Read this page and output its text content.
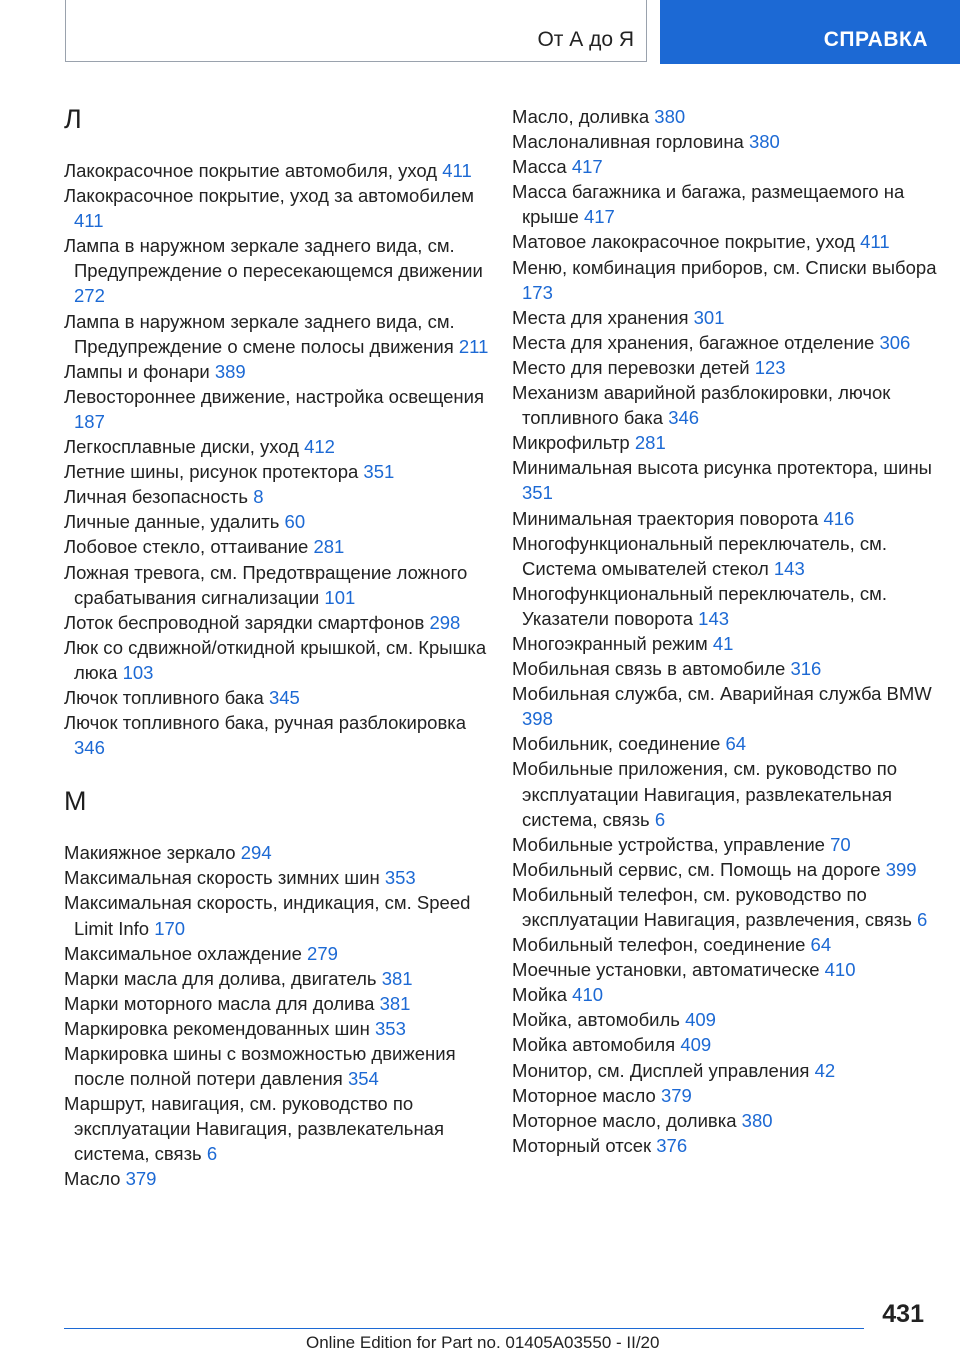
От А до Я	СПРАВКА
Л

Лакокрасочное покрытие автомобиля, уход 411

Лакокрасочное покрытие, уход за автомобилем 411

Лампа в наружном зеркале заднего вида, см. Предупреждение о пересекающемся движении 272

Лампа в наружном зеркале заднего вида, см. Предупреждение о смене полосы движения 211

Лампы и фонари 389

Левостороннее движение, настройка освещения 187

Легкосплавные диски, уход 412

Летние шины, рисунок протектора 351

Личная безопасность 8

Личные данные, удалить 60

Лобовое стекло, оттаивание 281

Ложная тревога, см. Предотвращение ложного срабатывания сигнализации 101

Лоток беспроводной зарядки смартфонов 298

Люк со сдвижной/откидной крышкой, см. Крышка люка 103

Лючок топливного бака 345

Лючок топливного бака, ручная разблокировка 346

М

Макияжное зеркало 294

Максимальная скорость зимних шин 353

Максимальная скорость, индикация, см. Speed Limit Info 170

Максимальное охлаждение 279

Марки масла для долива, двигатель 381

Марки моторного масла для долива 381

Маркировка рекомендованных шин 353

Маркировка шины с возможностью движения после полной потери давления 354

Маршрут, навигация, см. руководство по эксплуатации Навигация, развлекательная система, связь 6

Масло 379

Масло, доливка 380

Маслоналивная горловина 380

Масса 417

Масса багажника и багажа, размещаемого на крыше 417

Матовое лакокрасочное покрытие, уход 411

Меню, комбинация приборов, см. Списки выбора 173

Места для хранения 301

Места для хранения, багажное отделение 306

Место для перевозки детей 123

Механизм аварийной разблокировки, лючок топливного бака 346

Микрофильтр 281

Минимальная высота рисунка протектора, шины 351

Минимальная траектория поворота 416

Многофункциональный переключатель, см. Система омывателей стекол 143

Многофункциональный переключатель, см. Указатели поворота 143

Многоэкранный режим 41

Мобильная связь в автомобиле 316

Мобильная служба, см. Аварийная служба BMW 398

Мобильник, соединение 64

Мобильные приложения, см. руководство по эксплуатации Навигация, развлекательная система, связь 6

Мобильные устройства, управление 70

Мобильный сервис, см. Помощь на дороге 399

Мобильный телефон, см. руководство по эксплуатации Навигация, развлечения, связь 6

Мобильный телефон, соединение 64

Моечные установки, автоматическе 410

Мойка 410

Мойка, автомобиль 409

Мойка автомобиля 409

Монитор, см. Дисплей управления 42

Моторное масло 379

Моторное масло, доливка 380

Моторный отсек 376

431
Online Edition for Part no. 01405A03550 - II/20
